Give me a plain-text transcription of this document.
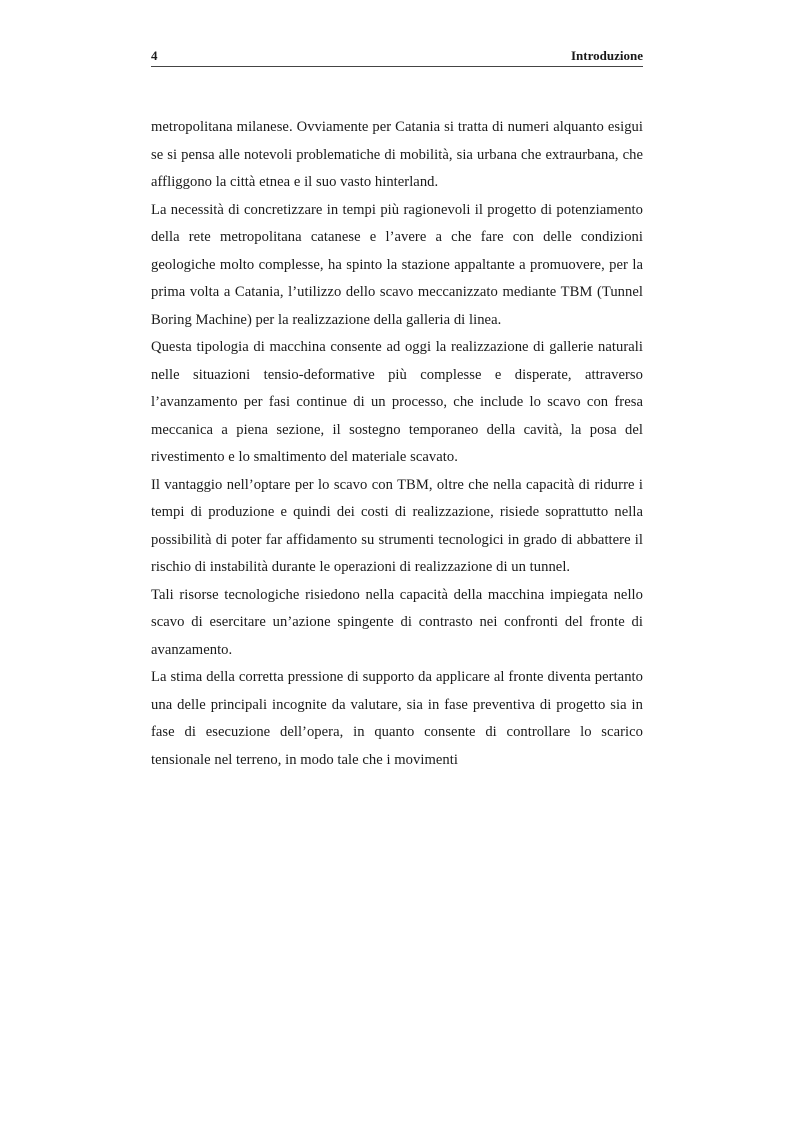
4	Introduzione

metropolitana milanese. Ovviamente per Catania si tratta di numeri alquanto esigui se si pensa alle notevoli problematiche di mobilità, sia urbana che extraurbana, che affliggono la città etnea e il suo vasto hinterland.

La necessità di concretizzare in tempi più ragionevoli il progetto di potenziamento della rete metropolitana catanese e l’avere a che fare con delle condizioni geologiche molto complesse, ha spinto la stazione appaltante a promuovere, per la prima volta a Catania, l’utilizzo dello scavo meccanizzato mediante TBM (Tunnel Boring Machine) per la realizzazione della galleria di linea.

Questa tipologia di macchina consente ad oggi la realizzazione di gallerie naturali nelle situazioni tensio-deformative più complesse e disperate, attraverso l’avanzamento per fasi continue di un processo, che include lo scavo con fresa meccanica a piena sezione, il sostegno temporaneo della cavità, la posa del rivestimento e lo smaltimento del materiale scavato.

Il vantaggio nell’optare per lo scavo con TBM, oltre che nella capacità di ridurre i tempi di produzione e quindi dei costi di realizzazione, risiede soprattutto nella possibilità di poter far affidamento su strumenti tecnologici in grado di abbattere il rischio di instabilità durante le operazioni di realizzazione di un tunnel.

Tali risorse tecnologiche risiedono nella capacità della macchina impiegata nello scavo di esercitare un’azione spingente di contrasto nei confronti del fronte di avanzamento.

La stima della corretta pressione di supporto da applicare al fronte diventa pertanto una delle principali incognite da valutare, sia in fase preventiva di progetto sia in fase di esecuzione dell’opera, in quanto consente di controllare lo scarico tensionale nel terreno, in modo tale che i movimenti
